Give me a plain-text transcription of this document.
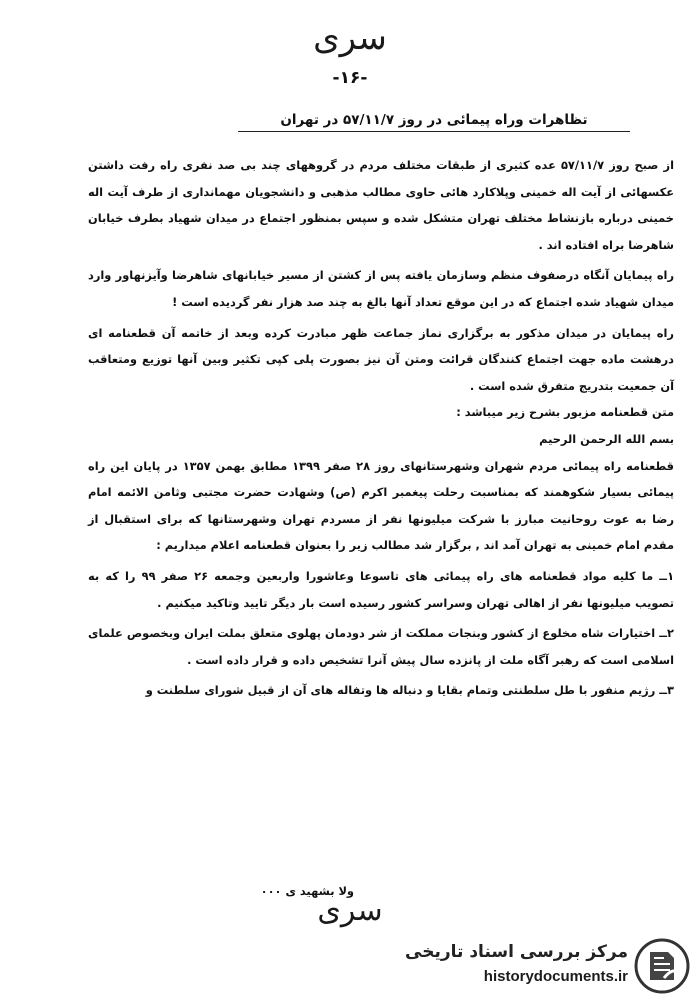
سری
-۱۶-
تظاهرات وراه پیمائی در روز ۵۷/۱۱/۷ در تهران

از صبح روز ۵۷/۱۱/۷ عده کثیری از طبقات مختلف مردم در گروههای چند بی صد نفری راه رفت داشتن عکسهائی از آیت اله خمینی وپلاکارد هائی حاوی مطالب مذهبی و دانشجویان مهمانداری از طرف آیت اله خمینی درباره بازنشاط مختلف تهران متشکل شده و سپس بمنظور اجتماع در میدان شهیاد بطرف خیابان شاهرضا براه افتاده اند .

راه پیمایان آنگاه درصفوف منظم وسازمان یافته پس از کشتن از مسیر خیابانهای شاهرضا وآیزنهاور وارد میدان شهیاد شده اجتماع که در این موقع تعداد آنها بالغ به چند صد هزار نفر گردیده است !

راه پیمایان در میدان مذکور به برگزاری نماز جماعت ظهر مبادرت کرده وبعد از خاتمه آن قطعنامه ای درهشت ماده جهت اجتماع کنندگان قرائت ومتن آن نیز بصورت پلی کپی تکثیر وبین آنها توزیع ومتعاقب آن جمعیت بتدریج متفرق شده است .

متن قطعنامه مزبور بشرح زیر میباشد :

بسم الله الرحمن الرحیم

قطعنامه راه پیمائی مردم شهران وشهرستانهای روز ۲۸ صفر ۱۳۹۹ مطابق بهمن ۱۳۵۷ در پایان این راه پیمائی بسیار شکوهمند که بمناسبت رحلت پیغمبر اکرم (ص) وشهادت حضرت مجتبی وثامن الائمه امام رضا به عوت روحانیت مبارز با شرکت میلیونها نفر از مسردم تهران وشهرستانها که برای استقبال از مقدم امام خمینی به تهران آمد اند , برگزار شد مطالب زیر را بعنوان قطعنامه اعلام میداریم :

۱ــ ما کلیه مواد قطعنامه های راه پیمائی های تاسوعا وعاشورا واربعین وجمعه ۲۶ صفر ۹۹ را که به تصویب میلیونها نفر از اهالی تهران وسراسر کشور رسیده است بار دیگر تایید وتاکید میکنیم .

۲ــ اختیارات شاه مخلوع از کشور وبنجات مملکت از شر دودمان پهلوی متعلق بملت ایران وبخصوص علمای اسلامی است که رهبر آگاه ملت از پانزده سال پیش آنرا تشخیص داده و قرار داده است .

۳ــ رژیم منفور با طل سلطنتی وتمام بقایا و دنباله ها وتفاله های آن از قبیل شورای سلطنت و

ولا بشهید ی ۰۰۰
سری
مرکز بررسی اسناد تاریخی
historydocuments.ir
